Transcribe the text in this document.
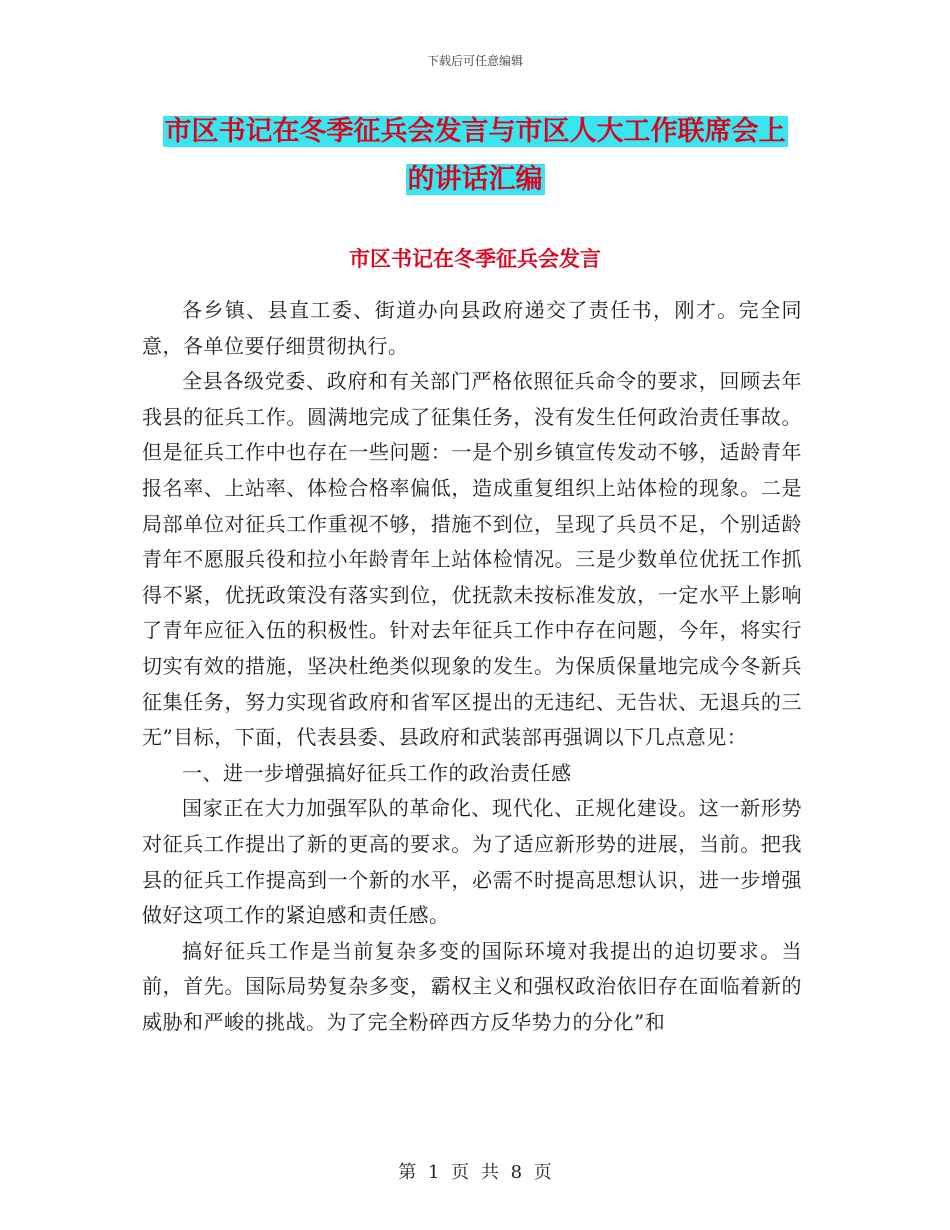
下载后可任意编辑
市区书记在冬季征兵会发言与市区人大工作联席会上
的讲话汇编
市区书记在冬季征兵会发言

各乡镇、县直工委、街道办向县政府递交了责任书，刚才。完全同意，各单位要仔细贯彻执行。

全县各级党委、政府和有关部门严格依照征兵命令的要求，回顾去年我县的征兵工作。圆满地完成了征集任务，没有发生任何政治责任事故。但是征兵工作中也存在一些问题：一是个别乡镇宣传发动不够，适龄青年报名率、上站率、体检合格率偏低，造成重复组织上站体检的现象。二是局部单位对征兵工作重视不够，措施不到位，呈现了兵员不足，个别适龄青年不愿服兵役和拉小年龄青年上站体检情况。三是少数单位优抚工作抓得不紧，优抚政策没有落实到位，优抚款未按标准发放，一定水平上影响了青年应征入伍的积极性。针对去年征兵工作中存在问题，今年，将实行切实有效的措施，坚决杜绝类似现象的发生。为保质保量地完成今冬新兵征集任务，努力实现省政府和省军区提出的无违纪、无告状、无退兵的三无”目标，下面，代表县委、县政府和武装部再强调以下几点意见：

一、进一步增强搞好征兵工作的政治责任感

国家正在大力加强军队的革命化、现代化、正规化建设。这一新形势对征兵工作提出了新的更高的要求。为了适应新形势的进展，当前。把我县的征兵工作提高到一个新的水平，必需不时提高思想认识，进一步增强做好这项工作的紧迫感和责任感。

搞好征兵工作是当前复杂多变的国际环境对我提出的迫切要求。当前，首先。国际局势复杂多变，霸权主义和强权政治依旧存在面临着新的威胁和严峻的挑战。为了完全粉碎西方反华势力的分化”和

第 1 页 共 8 页
